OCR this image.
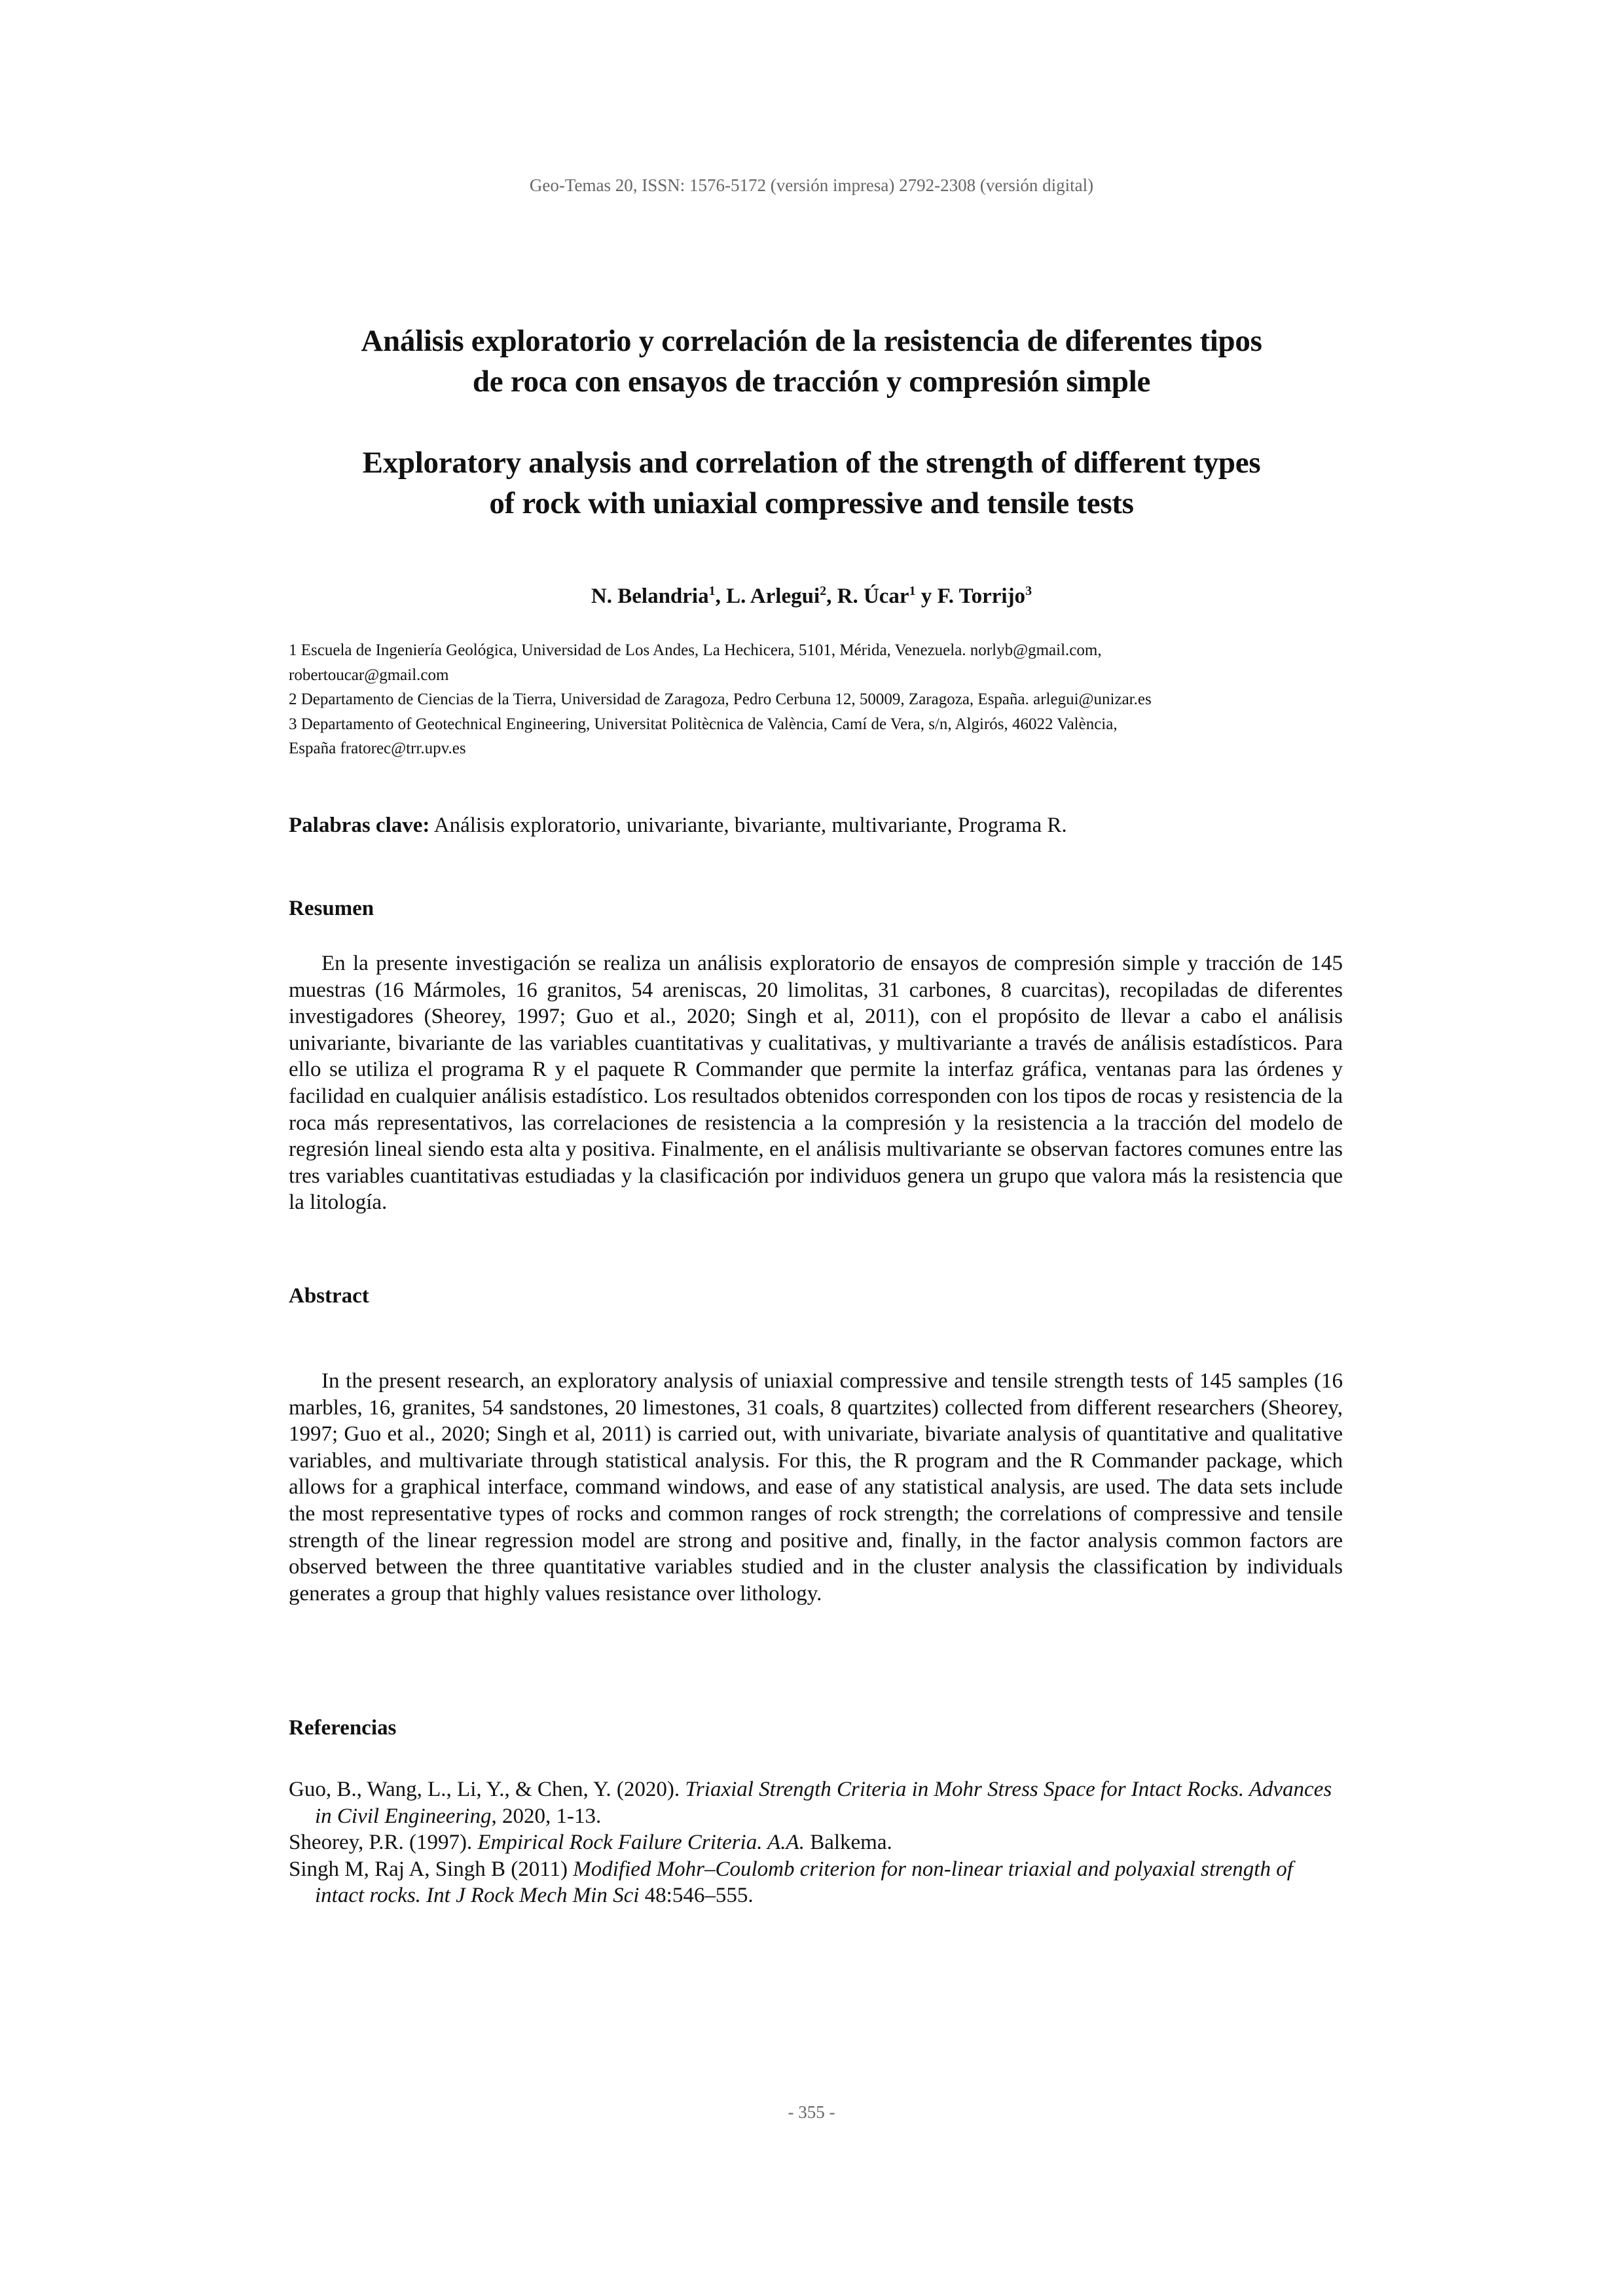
Geo-Temas 20, ISSN: 1576-5172 (versión impresa) 2792-2308 (versión digital)
Análisis exploratorio y correlación de la resistencia de diferentes tipos
de roca con ensayos de tracción y compresión simple
Exploratory analysis and correlation of the strength of different types
of rock with uniaxial compressive and tensile tests
N. Belandria$^1$, L. Arlegui$^2$, R. Úcar$^1$ y F. Torrijo$^3$
1 Escuela de Ingeniería Geológica, Universidad de Los Andes, La Hechicera, 5101, Mérida, Venezuela. norlyb@gmail.com,
robertoucar@gmail.com
2 Departamento de Ciencias de la Tierra, Universidad de Zaragoza, Pedro Cerbuna 12, 50009, Zaragoza, España. arlegui@unizar.es
3 Departamento of Geotechnical Engineering, Universitat Politècnica de València, Camí de Vera, s/n, Algirós, 46022 València,
España fratorec@trr.upv.es
Palabras clave: Análisis exploratorio, univariante, bivariante, multivariante, Programa R.
Resumen

En la presente investigación se realiza un análisis exploratorio de ensayos de compresión simple y tracción de 145 muestras (16 Mármoles, 16 granitos, 54 areniscas, 20 limolitas, 31 carbones, 8 cuarcitas), recopiladas de diferentes investigadores (Sheorey, 1997; Guo et al., 2020; Singh et al, 2011), con el propósito de llevar a cabo el análisis univariante, bivariante de las variables cuantitativas y cualitativas, y multivariante a través de análisis estadísticos. Para ello se utiliza el programa R y el paquete R Commander que permite la interfaz gráfica, ventanas para las órdenes y facilidad en cualquier análisis estadístico. Los resultados obtenidos corresponden con los tipos de rocas y resistencia de la roca más representativos, las correlaciones de resistencia a la compresión y la resistencia a la tracción del modelo de regresión lineal siendo esta alta y positiva. Finalmente, en el análisis multivariante se observan factores comunes entre las tres variables cuantitativas estudiadas y la clasificación por individuos genera un grupo que valora más la resistencia que la litología.

Abstract

In the present research, an exploratory analysis of uniaxial compressive and tensile strength tests of 145 samples (16 marbles, 16, granites, 54 sandstones, 20 limestones, 31 coals, 8 quartzites) collected from different researchers (Sheorey, 1997; Guo et al., 2020; Singh et al, 2011) is carried out, with univariate, bivariate analysis of quantitative and qualitative variables, and multivariate through statistical analysis. For this, the R program and the R Commander package, which allows for a graphical interface, command windows, and ease of any statistical analysis, are used. The data sets include the most representative types of rocks and common ranges of rock strength; the correlations of compressive and tensile strength of the linear regression model are strong and positive and, finally, in the factor analysis common factors are observed between the three quantitative variables studied and in the cluster analysis the classification by individuals generates a group that highly values resistance over lithology.

Referencias

Guo, B., Wang, L., Li, Y., & Chen, Y. (2020). Triaxial Strength Criteria in Mohr Stress Space for Intact Rocks. Advances in Civil Engineering, 2020, 1-13.

Sheorey, P.R. (1997). Empirical Rock Failure Criteria. A.A. Balkema.

Singh M, Raj A, Singh B (2011) Modified Mohr–Coulomb criterion for non-linear triaxial and polyaxial strength of intact rocks. Int J Rock Mech Min Sci 48:546–555.

- 355 -
